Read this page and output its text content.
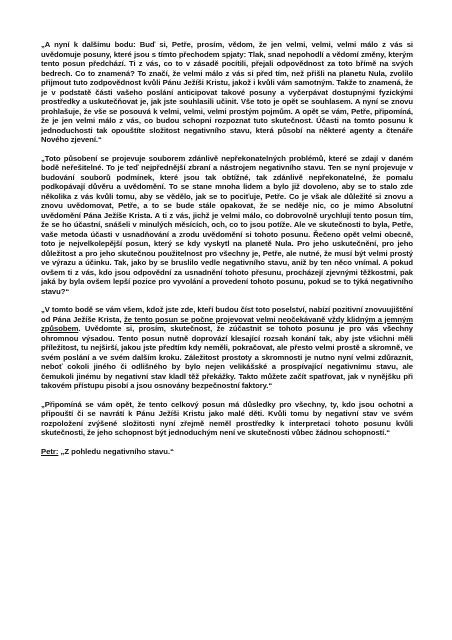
„A nyní k dalšímu bodu: Buď si, Petře, prosím, vědom, že jen velmi, velmi, velmi málo z vás si uvědomuje posuny, které jsou s tímto přechodem spjaty: Tlak, snad nepohodlí a vědomí změny, kterým tento posun předchází. Ti z vás, co to v zásadě pocítili, přejali odpovědnost za toto břímě na svých bedrech. Co to znamená? To značí, že velmi málo z vás si před tím, než přišli na planetu Nula, zvolilo přijmout tuto zodpovědnost kvůli Pánu Ježíši Kristu, jakož i kvůli vám samotným. Takže to znamená, že je v podstatě části vašeho poslání anticipovat takové posuny a vyčerpávat dostupnými fyzickými prostředky a uskutečňovat je, jak jste souhlasili učinit. Vše toto je opět se souhlasem. A nyní se znovu prohlašuje, že vše se posouvá k velmi, velmi, velmi prostým pojmům. A opět se vám, Petře, připomíná, že je jen velmi málo z vás, co budou schopni rozpoznat tuto skutečnost. Účasti na tomto posunu k jednoduchosti tak opouštíte složitost negativního stavu, která působí na některé agenty a čtenáře Nového zjevení.“

„Toto působení se projevuje souborem zdánlivě nepřekonatelných problémů, které se zdají v daném bodě neřešitelné. To je teď nejpřednější zbraní a nástrojem negativního stavu. Ten se nyní projevuje v budování souborů podmínek, které jsou tak obtížné, tak zdánlivě nepřekonatelné, že pomalu podkopávají důvěru a uvědomění. To se stane mnoha lidem a bylo již dovoleno, aby se to stalo zde několika z vás kvůli tomu, aby se vědělo, jak se to pociťuje, Petře. Co je však ale důležité si znovu a znovu uvědomovat, Petře, a to se bude stále opakovat, že se neděje nic, co je mimo Absolutní uvědomění Pána Ježíše Krista. A ti z vás, jichž je velmi málo, co dobrovolně urychlují tento posun tím, že se ho účastní, snášeli v minulých měsících, och, co to jsou potíže. Ale ve skutečnosti to byla, Petře, vaše metoda účasti v usnadňování a zrodu uvědomění si tohoto posunu. Řečeno opět velmi obecně, toto je nejvelkolepější posun, který se kdy vyskytl na planetě Nula. Pro jeho uskutečnění, pro jeho důležitost a pro jeho skutečnou použitelnost pro všechny je, Petře, ale nutné, že musí být velmi prostý ve výrazu a účinku. Tak, jako by se bruslilo vedle negativního stavu, aniž by ten něco vnímal. A pokud ovšem ti z vás, kdo jsou odpovědní za usnadnění tohoto přesunu, procházejí zjevnými těžkostmi, pak jaká by byla ovšem lepší pozice pro vyvolání a provedení tohoto posunu, pokud se to týká negativního stavu?“

„V tomto bodě se vám všem, kdož jste zde, kteří budou číst toto poselství, nabízí pozitivní znovuujištění od Pána Ježíše Krista, že tento posun se počne projevovat velmi neočekávaně vždy klidným a jemným způsobem. Uvědomte si, prosím, skutečnost, že zúčastnit se tohoto posunu je pro vás všechny ohromnou výsadou. Tento posun nutně doprovází klesající rozsah konání tak, aby jste všichni měli příležitost, tu nejširší, jakou jste předtím kdy neměli, pokračovat, ale přesto velmi prostě a skromně, ve svém poslání a ve svém dalším kroku. Záležitost prostoty a skromnosti je nutno nyní velmi zdůraznit, neboť cokoli jiného či odlišného by bylo nejen velikášské a prospívající negativnímu stavu, ale čemukoli jinému by negativní stav kladl těž překážky. Takto můžete začít spatřovat, jak v nynějšku při takovém přístupu pisobí a jsou osnovány bezpečnostní faktory.“

„Připomíná se vám opět, že tento celkový posun má důsledky pro všechny, ty, kdo jsou ochotni a připouští či se navrátí k Pánu Ježíši Kristu jako malé děti. Kvůli tomu by negativní stav ve svém rozpoložení zvýšené složitosti nyní zřejmě neměl prostředky k interpretaci tohoto posunu kvůli skutečnosti, že jeho schopnost být jednoduchým není ve skutečnosti vůbec žádnou schopností.“

Petr: „Z pohledu negativního stavu.“
